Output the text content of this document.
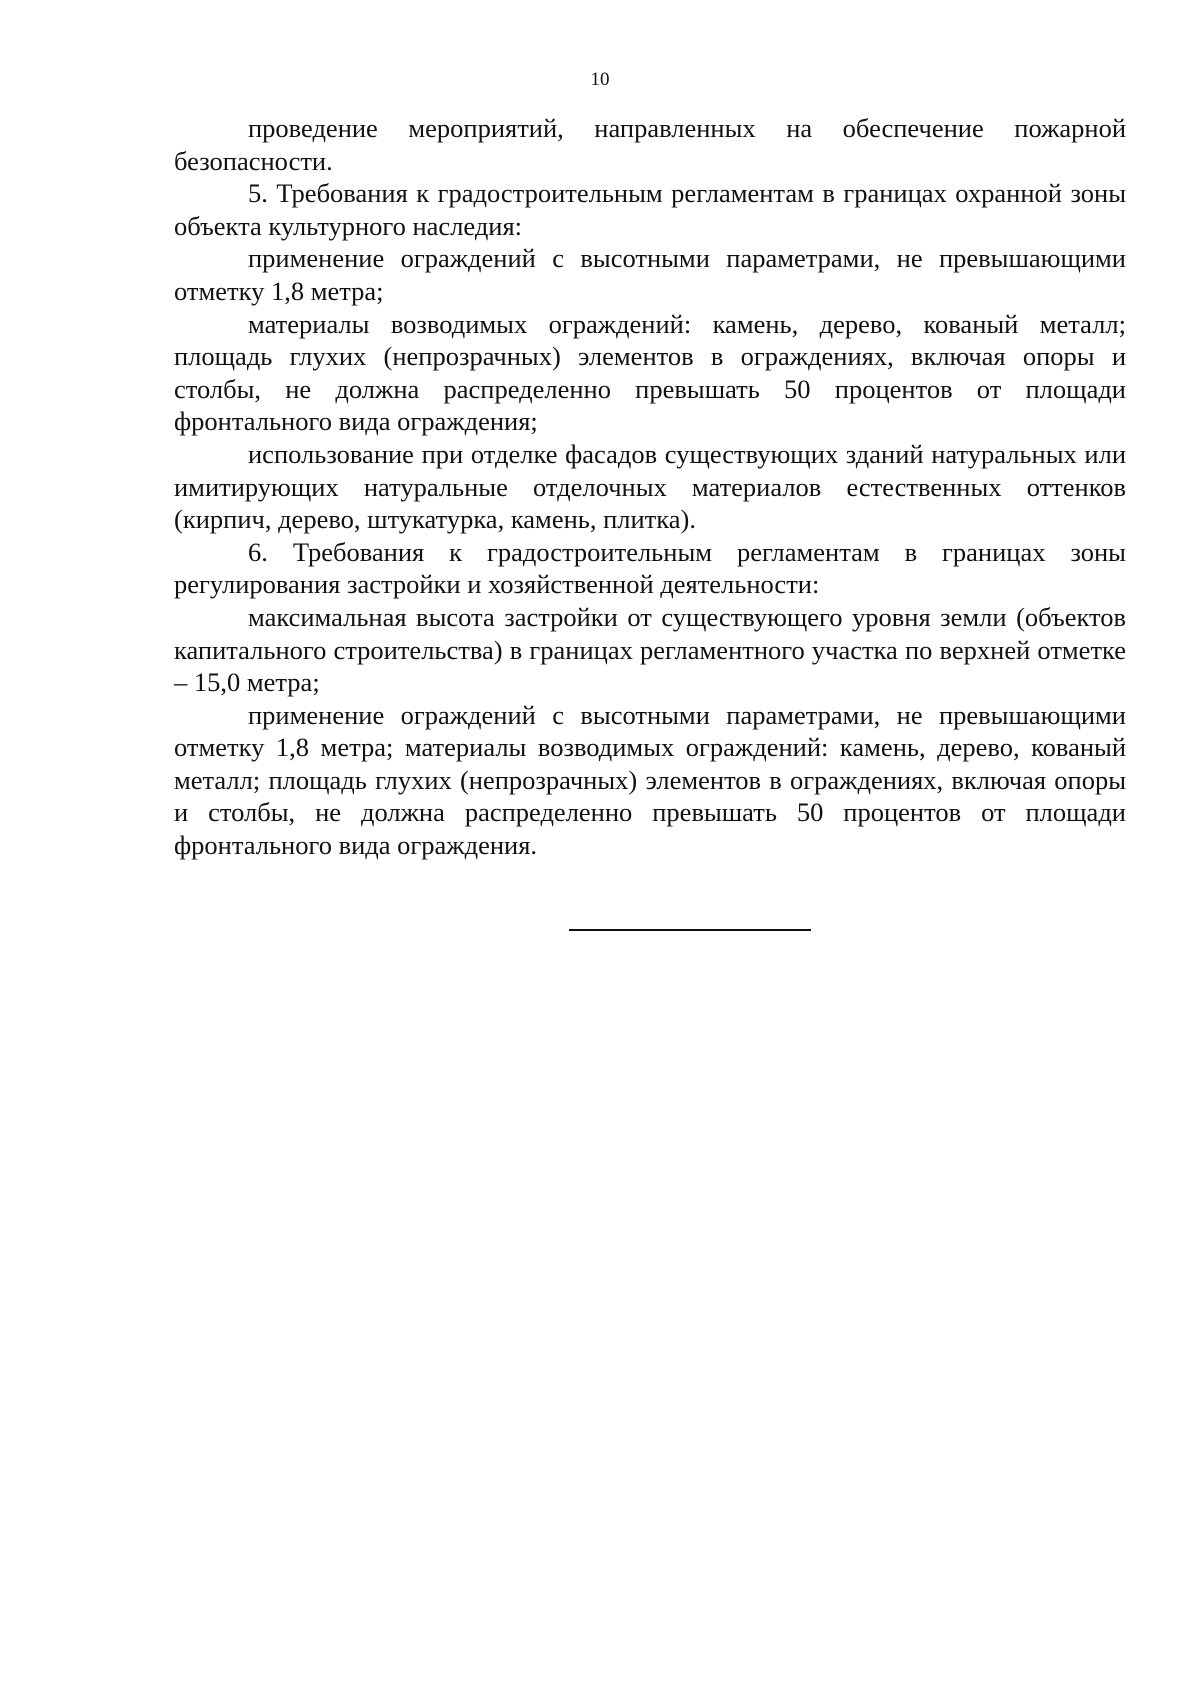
10

проведение мероприятий, направленных на обеспечение пожарной безопасности.

5. Требования к градостроительным регламентам в границах охранной зоны объекта культурного наследия:

применение ограждений с высотными параметрами, не превышающими отметку 1,8 метра;

материалы возводимых ограждений: камень, дерево, кованый металл; площадь глухих (непрозрачных) элементов в ограждениях, включая опоры и столбы, не должна распределенно превышать 50 процентов от площади фронтального вида ограждения;

использование при отделке фасадов существующих зданий натуральных или имитирующих натуральные отделочных материалов естественных оттенков (кирпич, дерево, штукатурка, камень, плитка).

6. Требования к градостроительным регламентам в границах зоны регулирования застройки и хозяйственной деятельности:

максимальная высота застройки от существующего уровня земли (объектов капитального строительства) в границах регламентного участка по верхней отметке – 15,0 метра;

применение ограждений с высотными параметрами, не превышающими отметку 1,8 метра; материалы возводимых ограждений: камень, дерево, кованый металл; площадь глухих (непрозрачных) элементов в ограждениях, включая опоры и столбы, не должна распределенно превышать 50 процентов от площади фронтального вида ограждения.
